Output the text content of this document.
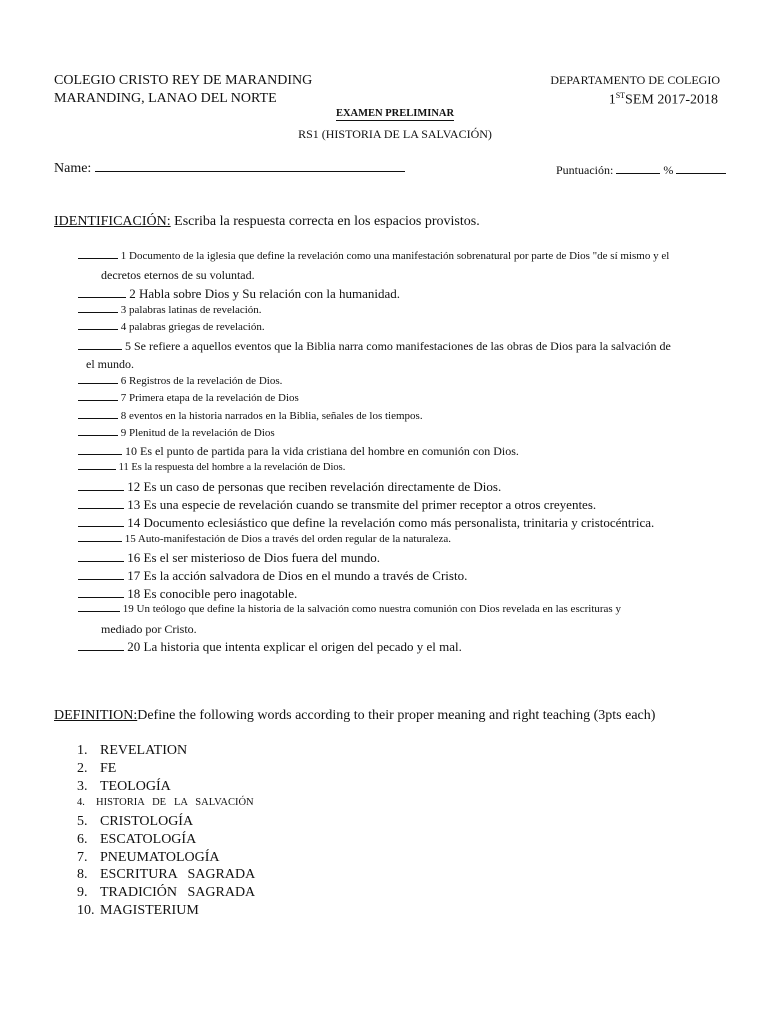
COLEGIO CRISTO REY DE MARANDING
MARANDING, LANAO DEL NORTE
DEPARTAMENTO DE COLEGIO
1STSEM 2017-2018
EXAMEN PRELIMINAR
RS1 (HISTORIA DE LA SALVACIÓN)
Name:	Puntuación:	%
IDENTIFICACIÓN: Escriba la respuesta correcta en los espacios provistos.
1 Documento de la iglesia que define la revelación como una manifestación sobrenatural por parte de Dios "de sí mismo y el
decretos eternos de su voluntad.
2 Habla sobre Dios y Su relación con la humanidad.
3 palabras latinas de revelación.
4 palabras griegas de revelación.
5 Se refiere a aquellos eventos que la Biblia narra como manifestaciones de las obras de Dios para la salvación de
el mundo.
6 Registros de la revelación de Dios.
7 Primera etapa de la revelación de Dios
8 eventos en la historia narrados en la Biblia, señales de los tiempos.
9 Plenitud de la revelación de Dios
10 Es el punto de partida para la vida cristiana del hombre en comunión con Dios.
11 Es la respuesta del hombre a la revelación de Dios.
12 Es un caso de personas que reciben revelación directamente de Dios.
13 Es una especie de revelación cuando se transmite del primer receptor a otros creyentes.
14 Documento eclesiástico que define la revelación como más personalista, trinitaria y cristocéntrica.
15 Auto-manifestación de Dios a través del orden regular de la naturaleza.
16 Es el ser misterioso de Dios fuera del mundo.
17 Es la acción salvadora de Dios en el mundo a través de Cristo.
18 Es conocible pero inagotable.
19 Un teólogo que define la historia de la salvación como nuestra comunión con Dios revelada en las escrituras y
mediado por Cristo.
20 La historia que intenta explicar el origen del pecado y el mal.
DEFINITION:Define the following words according to their proper meaning and right teaching (3pts each)
1. REVELATION
2. FE
3. TEOLOGÍA
4. HISTORIA   DE   LA   SALVACIÓN
5. CRISTOLOGÍA
6. ESCATOLOGÍA
7. PNEUMATOLOGÍA
8. ESCRITURA   SAGRADA
9. TRADICIÓN   SAGRADA
10. MAGISTERIUM
